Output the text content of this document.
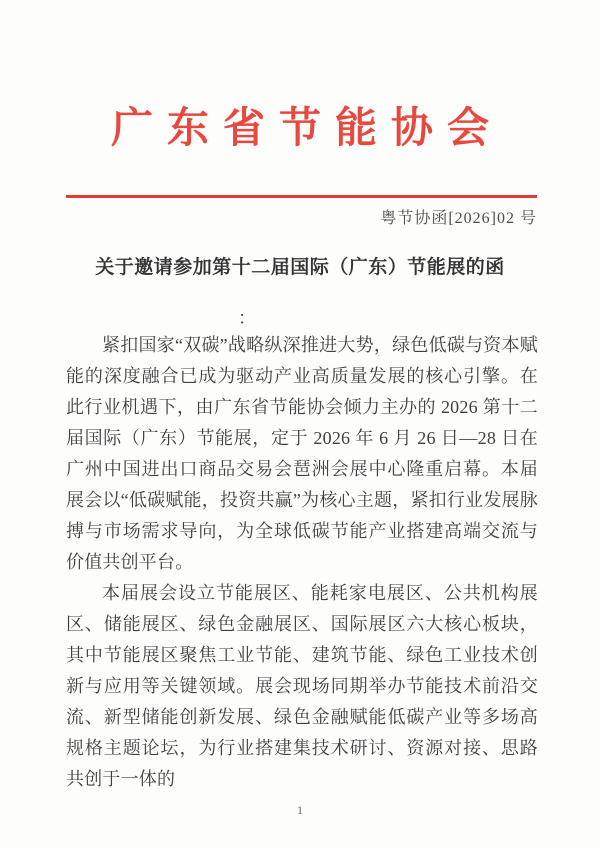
广东省节能协会
粤节协函[2026]02 号
关于邀请参加第十二届国际（广东）节能展的函
：

紧扣国家“双碳”战略纵深推进大势，绿色低碳与资本赋能的深度融合已成为驱动产业高质量发展的核心引擎。在此行业机遇下，由广东省节能协会倾力主办的 2026 第十二届国际（广东）节能展，定于 2026 年 6 月 26 日—28 日在广州中国进出口商品交易会琶洲会展中心隆重启幕。本届展会以“低碳赋能，投资共赢”为核心主题，紧扣行业发展脉搏与市场需求导向，为全球低碳节能产业搭建高端交流与价值共创平台。

本届展会设立节能展区、能耗家电展区、公共机构展区、储能展区、绿色金融展区、国际展区六大核心板块，其中节能展区聚焦工业节能、建筑节能、绿色工业技术创新与应用等关键领域。展会现场同期举办节能技术前沿交流、新型储能创新发展、绿色金融赋能低碳产业等多场高规格主题论坛，为行业搭建集技术研讨、资源对接、思路共创于一体的

1
